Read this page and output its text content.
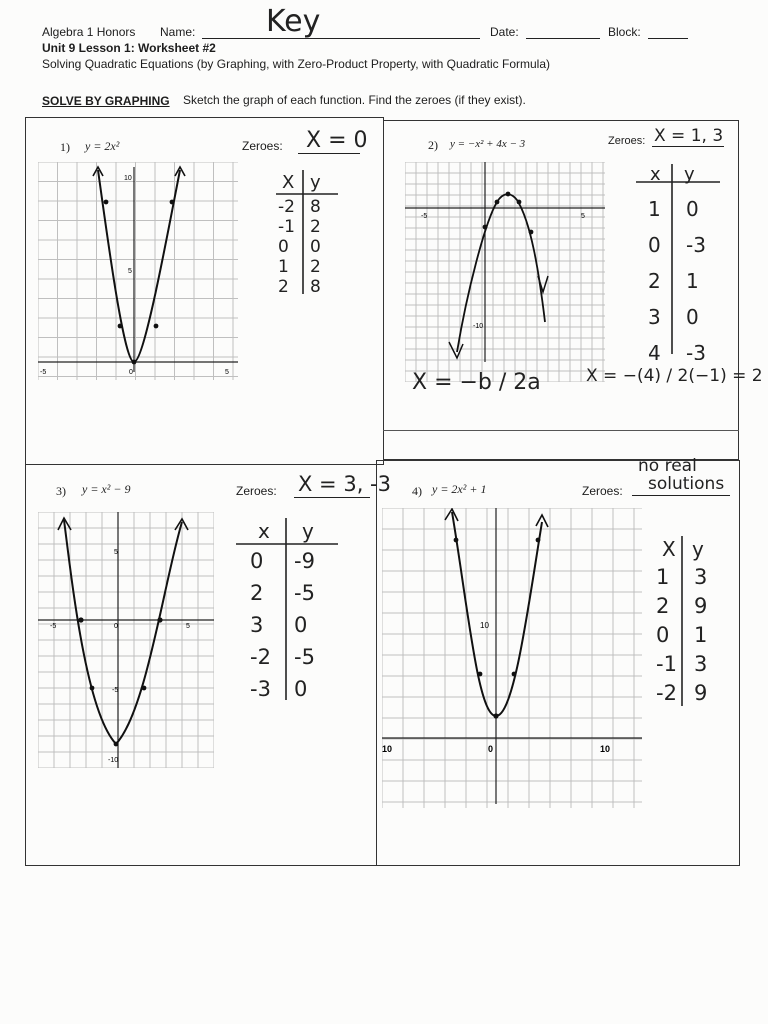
Algebra 1 Honors Name: Key	Date:	Block:
Unit 9 Lesson 1: Worksheet #2
Solving Quadratic Equations (by Graphing, with Zero-Product Property, with Quadratic Formula)
SOLVE BY GRAPHING Sketch the graph of each function. Find the zeroes (if they exist).
1) y = 2x²	Zeroes: X = 0
10
5
-5	0	5
X y
-2 8
-1 2
0 0
1 2
2 8
2) y = −x² + 4x − 3	Zeroes: X = 1, 3
-5	5
-10
x y
1 0
0 -3
2 1
3 0
4 -3
X = −b / 2a	X = −(4) / 2(−1) = 2
3) y = x² − 9	Zeroes: X = 3, -3
5
-5	0	5
-5
-10
x y
0 -9
2 -5
3 0
-2 -5
-3 0
4) y = 2x² + 1	Zeroes:
no real
solutions
10
10	0	10
X y
1 3
2 9
0 1
-1 3
-2 9
